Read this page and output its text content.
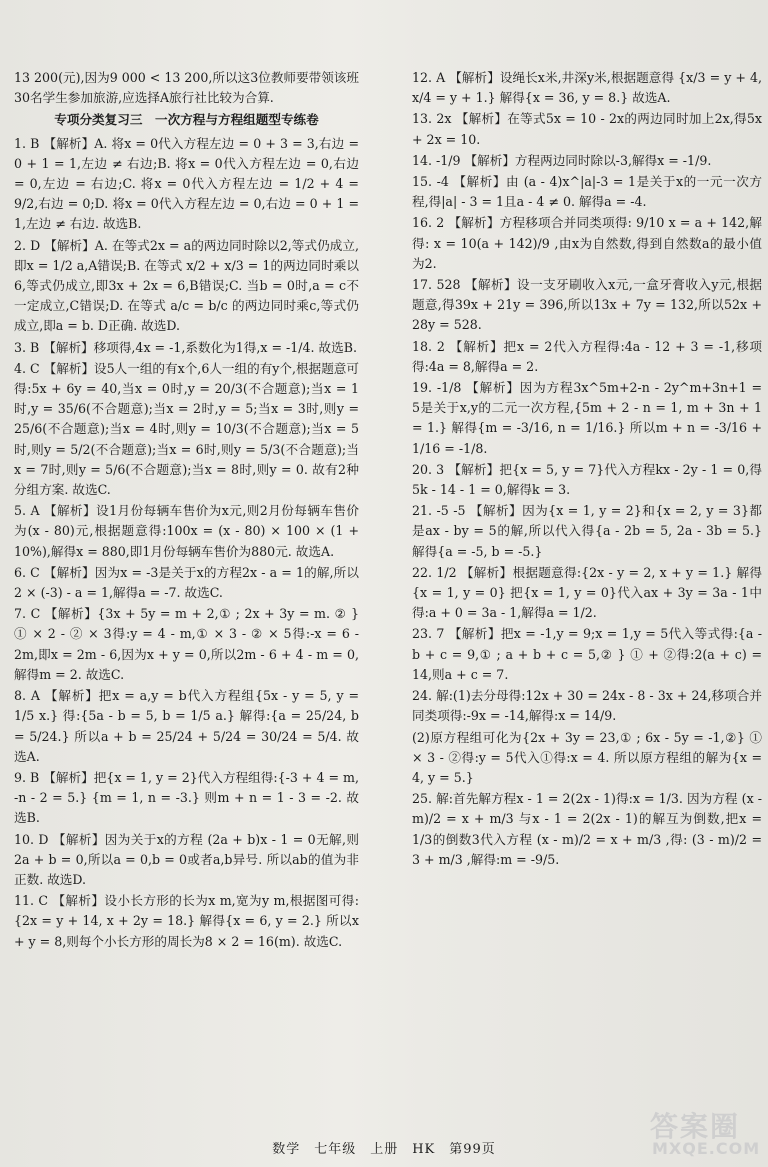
13 200(元),因为9 000 < 13 200,所以这3位教师要带领该班30名学生参加旅游,应选择A旅行社比较为合算.
专项分类复习三　一次方程与方程组题型专练卷
1. B 【解析】A. 将x = 0代入方程左边 = 0 + 3 = 3,右边 = 0 + 1 = 1,左边 ≠ 右边;B. 将x = 0代入方程左边 = 0,右边 = 0,左边 = 右边;C. 将x = 0代入方程左边 = 1/2 + 4 = 9/2,右边 = 0;D. 将x = 0代入方程左边 = 0,右边 = 0 + 1 = 1,左边 ≠ 右边. 故选B.
2. D 【解析】A. 在等式2x = a的两边同时除以2,等式仍成立,即x = 1/2 a,A错误;B. 在等式 x/2 + x/3 = 1的两边同时乘以6,等式仍成立,即3x + 2x = 6,B错误;C. 当b = 0时,a = c不一定成立,C错误;D. 在等式 a/c = b/c 的两边同时乘c,等式仍成立,即a = b. D正确. 故选D.
3. B 【解析】移项得,4x = -1,系数化为1得,x = -1/4. 故选B.
4. C 【解析】设5人一组的有x个,6人一组的有y个,根据题意可得:5x + 6y = 40,当x = 0时,y = 20/3(不合题意);当x = 1时,y = 35/6(不合题意);当x = 2时,y = 5;当x = 3时,则y = 25/6(不合题意);当x = 4时,则y = 10/3(不合题意);当x = 5时,则y = 5/2(不合题意);当x = 6时,则y = 5/3(不合题意);当x = 7时,则y = 5/6(不合题意);当x = 8时,则y = 0. 故有2种分组方案. 故选C.
5. A 【解析】设1月份每辆车售价为x元,则2月份每辆车售价为(x - 80)元,根据题意得:100x = (x - 80) × 100 × (1 + 10%),解得x = 880,即1月份每辆车售价为880元. 故选A.
6. C 【解析】因为x = -3是关于x的方程2x - a = 1的解,所以2 × (-3) - a = 1,解得a = -7. 故选C.
7. C 【解析】{3x + 5y = m + 2,① ; 2x + 3y = m. ② } ① × 2 - ② × 3得:y = 4 - m,① × 3 - ② × 5得:-x = 6 - 2m,即x = 2m - 6,因为x + y = 0,所以2m - 6 + 4 - m = 0,解得m = 2. 故选C.
8. A 【解析】把x = a,y = b代入方程组{5x - y = 5, y = 1/5 x.} 得:{5a - b = 5, b = 1/5 a.} 解得:{a = 25/24, b = 5/24.} 所以a + b = 25/24 + 5/24 = 30/24 = 5/4. 故选A.
9. B 【解析】把{x = 1, y = 2}代入方程组得:{-3 + 4 = m, -n - 2 = 5.} {m = 1, n = -3.} 则m + n = 1 - 3 = -2. 故选B.
10. D 【解析】因为关于x的方程 (2a + b)x - 1 = 0无解,则2a + b = 0,所以a = 0,b = 0或者a,b异号. 所以ab的值为非正数. 故选D.
11. C 【解析】设小长方形的长为x m,宽为y m,根据图可得:{2x = y + 14, x + 2y = 18.} 解得{x = 6, y = 2.} 所以x + y = 8,则每个小长方形的周长为8 × 2 = 16(m). 故选C.
12. A 【解析】设绳长x米,井深y米,根据题意得 {x/3 = y + 4, x/4 = y + 1.} 解得{x = 36, y = 8.} 故选A.
13. 2x 【解析】在等式5x = 10 - 2x的两边同时加上2x,得5x + 2x = 10.
14. -1/9 【解析】方程两边同时除以-3,解得x = -1/9.
15. -4 【解析】由 (a - 4)x^|a|-3 = 1是关于x的一元一次方程,得|a| - 3 = 1且a - 4 ≠ 0. 解得a = -4.
16. 2 【解析】方程移项合并同类项得: 9/10 x = a + 142,解得: x = 10(a + 142)/9 ,由x为自然数,得到自然数a的最小值为2.
17. 528 【解析】设一支牙刷收入x元,一盒牙膏收入y元,根据题意,得39x + 21y = 396,所以13x + 7y = 132,所以52x + 28y = 528.
18. 2 【解析】把x = 2代入方程得:4a - 12 + 3 = -1,移项得:4a = 8,解得a = 2.
19. -1/8 【解析】因为方程3x^5m+2-n - 2y^m+3n+1 = 5是关于x,y的二元一次方程,{5m + 2 - n = 1, m + 3n + 1 = 1.} 解得{m = -3/16, n = 1/16.} 所以m + n = -3/16 + 1/16 = -1/8.
20. 3 【解析】把{x = 5, y = 7}代入方程kx - 2y - 1 = 0,得5k - 14 - 1 = 0,解得k = 3.
21. -5 -5 【解析】因为{x = 1, y = 2}和{x = 2, y = 3}都是ax - by = 5的解,所以代入得{a - 2b = 5, 2a - 3b = 5.} 解得{a = -5, b = -5.}
22. 1/2 【解析】根据题意得:{2x - y = 2, x + y = 1.} 解得{x = 1, y = 0} 把{x = 1, y = 0}代入ax + 3y = 3a - 1中得:a + 0 = 3a - 1,解得a = 1/2.
23. 7 【解析】把x = -1,y = 9;x = 1,y = 5代入等式得:{a - b + c = 9,① ; a + b + c = 5,② } ① + ②得:2(a + c) = 14,则a + c = 7.
24. 解:(1)去分母得:12x + 30 = 24x - 8 - 3x + 24,移项合并同类项得:-9x = -14,解得:x = 14/9.
(2)原方程组可化为{2x + 3y = 23,① ; 6x - 5y = -1,②} ① × 3 - ②得:y = 5代入①得:x = 4. 所以原方程组的解为{x = 4, y = 5.}
25. 解:首先解方程x - 1 = 2(2x - 1)得:x = 1/3. 因为方程 (x - m)/2 = x + m/3 与x - 1 = 2(2x - 1)的解互为倒数,把x = 1/3的倒数3代入方程 (x - m)/2 = x + m/3 ,得: (3 - m)/2 = 3 + m/3 ,解得:m = -9/5.
数学　七年级　上册　HK　第99页
答案圈
MXQE.COM
